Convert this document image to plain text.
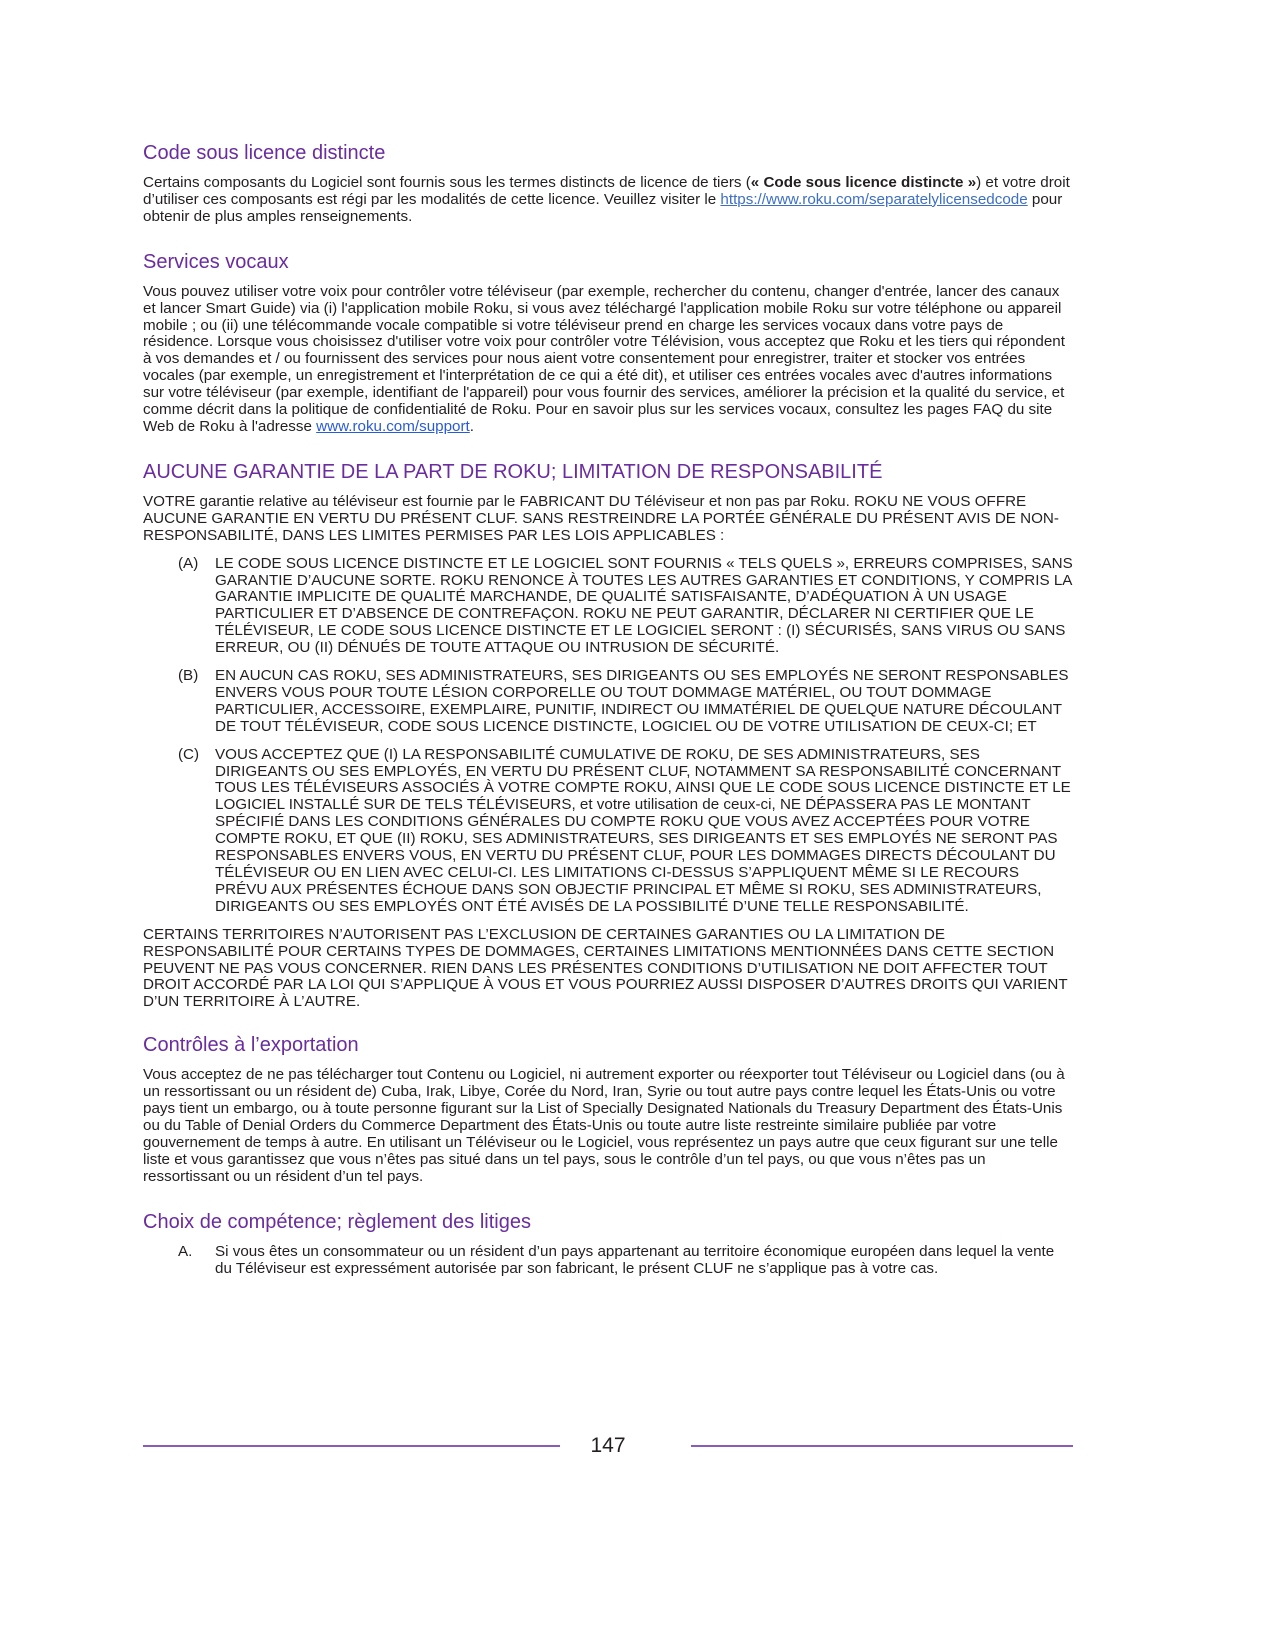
Code sous licence distincte

Certains composants du Logiciel sont fournis sous les termes distincts de licence de tiers (« Code sous licence distincte ») et votre droit d’utiliser ces composants est régi par les modalités de cette licence. Veuillez visiter le https://www.roku.com/separatelylicensedcode pour obtenir de plus amples renseignements.

Services vocaux

Vous pouvez utiliser votre voix pour contrôler votre téléviseur (par exemple, rechercher du contenu, changer d'entrée, lancer des canaux et lancer Smart Guide) via (i) l'application mobile Roku, si vous avez téléchargé l'application mobile Roku sur votre téléphone ou appareil mobile ; ou (ii) une télécommande vocale compatible si votre téléviseur prend en charge les services vocaux dans votre pays de résidence. Lorsque vous choisissez d'utiliser votre voix pour contrôler votre Télévision, vous acceptez que Roku et les tiers qui répondent à vos demandes et / ou fournissent des services pour nous aient votre consentement pour enregistrer, traiter et stocker vos entrées vocales (par exemple, un enregistrement et l'interprétation de ce qui a été dit), et utiliser ces entrées vocales avec d'autres informations sur votre téléviseur (par exemple, identifiant de l'appareil) pour vous fournir des services, améliorer la précision et la qualité du service, et comme décrit dans la politique de confidentialité de Roku. Pour en savoir plus sur les services vocaux, consultez les pages FAQ du site Web de Roku à l'adresse www.roku.com/support.

AUCUNE GARANTIE DE LA PART DE ROKU; LIMITATION DE RESPONSABILITÉ

VOTRE garantie relative au téléviseur est fournie par le FABRICANT DU Téléviseur et non pas par Roku. ROKU NE VOUS OFFRE AUCUNE GARANTIE EN VERTU DU PRÉSENT CLUF. SANS RESTREINDRE LA PORTÉE GÉNÉRALE DU PRÉSENT AVIS DE NON-RESPONSABILITÉ, DANS LES LIMITES PERMISES PAR LES LOIS APPLICABLES :

(A)	LE CODE SOUS LICENCE DISTINCTE ET LE LOGICIEL SONT FOURNIS « TELS QUELS », ERREURS COMPRISES, SANS GARANTIE D’AUCUNE SORTE. ROKU RENONCE À TOUTES LES AUTRES GARANTIES ET CONDITIONS, Y COMPRIS LA GARANTIE IMPLICITE DE QUALITÉ MARCHANDE, DE QUALITÉ SATISFAISANTE, D’ADÉQUATION À UN USAGE PARTICULIER ET D’ABSENCE DE CONTREFAÇON. ROKU NE PEUT GARANTIR, DÉCLARER NI CERTIFIER QUE LE TÉLÉVISEUR, LE CODE SOUS LICENCE DISTINCTE ET LE LOGICIEL SERONT : (I) SÉCURISÉS, SANS VIRUS OU SANS ERREUR, OU (II) DÉNUÉS DE TOUTE ATTAQUE OU INTRUSION DE SÉCURITÉ.
(B)	EN AUCUN CAS ROKU, SES ADMINISTRATEURS, SES DIRIGEANTS OU SES EMPLOYÉS NE SERONT RESPONSABLES ENVERS VOUS POUR TOUTE LÉSION CORPORELLE OU TOUT DOMMAGE MATÉRIEL, OU TOUT DOMMAGE PARTICULIER, ACCESSOIRE, EXEMPLAIRE, PUNITIF, INDIRECT OU IMMATÉRIEL DE QUELQUE NATURE DÉCOULANT DE TOUT TÉLÉVISEUR, CODE SOUS LICENCE DISTINCTE, LOGICIEL OU DE VOTRE UTILISATION DE CEUX-CI; ET
(C)	VOUS ACCEPTEZ QUE (I) LA RESPONSABILITÉ CUMULATIVE DE ROKU, DE SES ADMINISTRATEURS, SES DIRIGEANTS OU SES EMPLOYÉS, EN VERTU DU PRÉSENT CLUF, NOTAMMENT SA RESPONSABILITÉ CONCERNANT TOUS LES TÉLÉVISEURS ASSOCIÉS À VOTRE COMPTE ROKU, AINSI QUE LE CODE SOUS LICENCE DISTINCTE ET LE LOGICIEL INSTALLÉ SUR DE TELS TÉLÉVISEURS, et votre utilisation de ceux-ci, NE DÉPASSERA PAS LE MONTANT SPÉCIFIÉ DANS LES CONDITIONS GÉNÉRALES DU COMPTE ROKU QUE VOUS AVEZ ACCEPTÉES POUR VOTRE COMPTE ROKU, ET QUE (II) ROKU, SES ADMINISTRATEURS, SES DIRIGEANTS ET SES EMPLOYÉS NE SERONT PAS RESPONSABLES ENVERS VOUS, EN VERTU DU PRÉSENT CLUF, POUR LES DOMMAGES DIRECTS DÉCOULANT DU TÉLÉVISEUR OU EN LIEN AVEC CELUI-CI. LES LIMITATIONS CI-DESSUS S’APPLIQUENT MÊME SI LE RECOURS PRÉVU AUX PRÉSENTES ÉCHOUE DANS SON OBJECTIF PRINCIPAL ET MÊME SI ROKU, SES ADMINISTRATEURS, DIRIGEANTS OU SES EMPLOYÉS ONT ÉTÉ AVISÉS DE LA POSSIBILITÉ D’UNE TELLE RESPONSABILITÉ.

CERTAINS TERRITOIRES N’AUTORISENT PAS L’EXCLUSION DE CERTAINES GARANTIES OU LA LIMITATION DE RESPONSABILITÉ POUR CERTAINS TYPES DE DOMMAGES, CERTAINES LIMITATIONS MENTIONNÉES DANS CETTE SECTION PEUVENT NE PAS VOUS CONCERNER. RIEN DANS LES PRÉSENTES CONDITIONS D’UTILISATION NE DOIT AFFECTER TOUT DROIT ACCORDÉ PAR LA LOI QUI S’APPLIQUE À VOUS ET VOUS POURRIEZ AUSSI DISPOSER D’AUTRES DROITS QUI VARIENT D’UN TERRITOIRE À L’AUTRE.

Contrôles à l’exportation

Vous acceptez de ne pas télécharger tout Contenu ou Logiciel, ni autrement exporter ou réexporter tout Téléviseur ou Logiciel dans (ou à un ressortissant ou un résident de) Cuba, Irak, Libye, Corée du Nord, Iran, Syrie ou tout autre pays contre lequel les États-Unis ou votre pays tient un embargo, ou à toute personne figurant sur la List of Specially Designated Nationals du Treasury Department des États-Unis ou du Table of Denial Orders du Commerce Department des États-Unis ou toute autre liste restreinte similaire publiée par votre gouvernement de temps à autre. En utilisant un Téléviseur ou le Logiciel, vous représentez un pays autre que ceux figurant sur une telle liste et vous garantissez que vous n’êtes pas situé dans un tel pays, sous le contrôle d’un tel pays, ou que vous n’êtes pas un ressortissant ou un résident d’un tel pays.

Choix de compétence; règlement des litiges
A.	Si vous êtes un consommateur ou un résident d’un pays appartenant au territoire économique européen dans lequel la vente du Téléviseur est expressément autorisée par son fabricant, le présent CLUF ne s’applique pas à votre cas.
147
